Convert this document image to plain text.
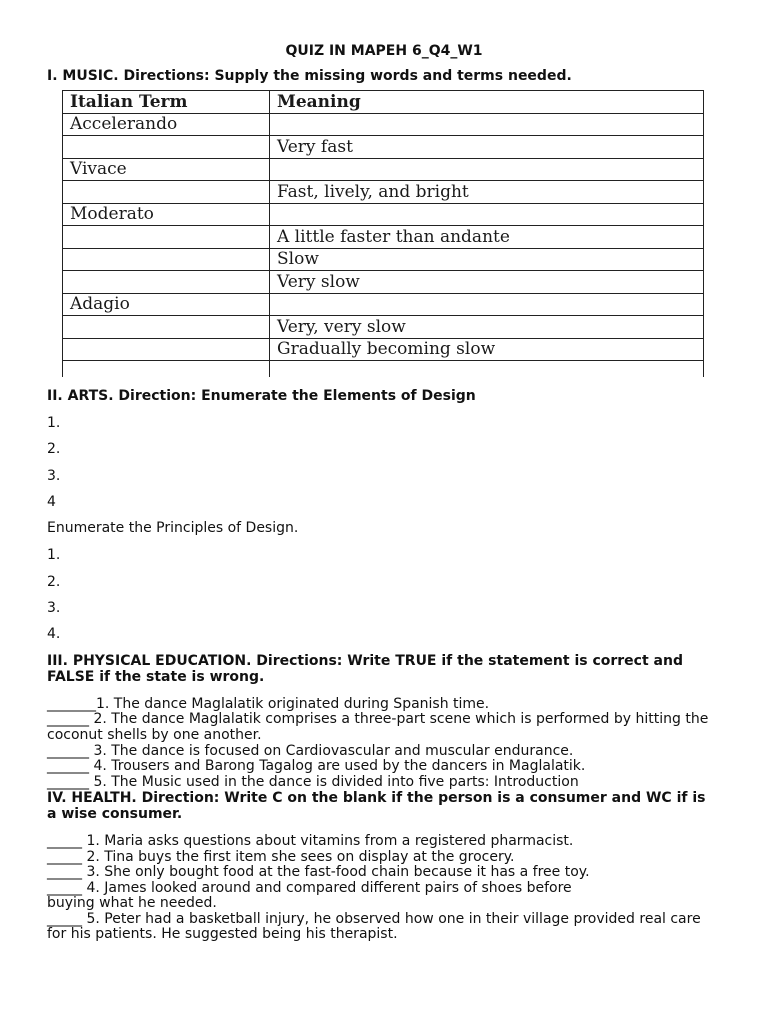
QUIZ IN MAPEH 6_Q4_W1
I. MUSIC. Directions: Supply the missing words and terms needed.
Italian Term	Meaning
Accelerando	
	Very fast
Vivace	
	Fast, lively, and bright
Moderato	
	A little faster than andante
	Slow
	Very slow
Adagio	
	Very, very slow
	Gradually becoming slow

II. ARTS. Direction: Enumerate the Elements of Design
1.
2.
3.
4
Enumerate the Principles of Design.
1.
2.
3.
4.
III. PHYSICAL EDUCATION. Directions: Write TRUE if the statement is correct and
FALSE if the state is wrong.
_______1. The dance Maglalatik originated during Spanish time.
______ 2. The dance Maglalatik comprises a three-part scene which is performed by hitting the
coconut shells by one another.
______ 3. The dance is focused on Cardiovascular and muscular endurance.
______ 4. Trousers and Barong Tagalog are used by the dancers in Maglalatik.
______ 5. The Music used in the dance is divided into five parts: Introduction
IV. HEALTH. Direction: Write C on the blank if the person is a consumer and WC if is
a wise consumer.
_____ 1. Maria asks questions about vitamins from a registered pharmacist.
_____ 2. Tina buys the first item she sees on display at the grocery.
_____ 3. She only bought food at the fast-food chain because it has a free toy.
_____ 4. James looked around and compared different pairs of shoes before
buying what he needed.
_____ 5. Peter had a basketball injury, he observed how one in their village provided real care
for his patients. He suggested being his therapist.
